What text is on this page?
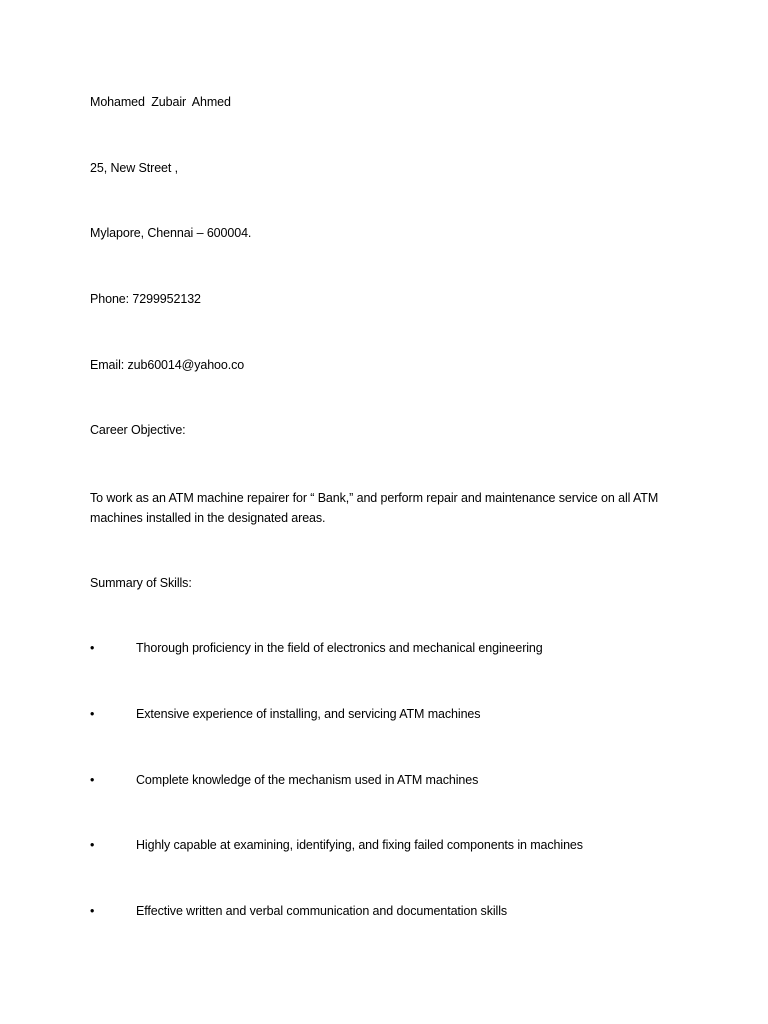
Mohamed Zubair Ahmed
25, New Street ,
Mylapore, Chennai – 600004.
Phone: 7299952132
Email: zub60014@yahoo.co
Career Objective:
To work as an ATM machine repairer for “ Bank,” and perform repair and maintenance service on all ATM machines installed in the designated areas.
Summary of Skills:
•	Thorough proficiency in the field of electronics and mechanical engineering
•	Extensive experience of installing, and servicing ATM machines
•	Complete knowledge of the mechanism used in ATM machines
•	Highly capable at examining, identifying, and fixing failed components in machines
•	Effective written and verbal communication and documentation skills
